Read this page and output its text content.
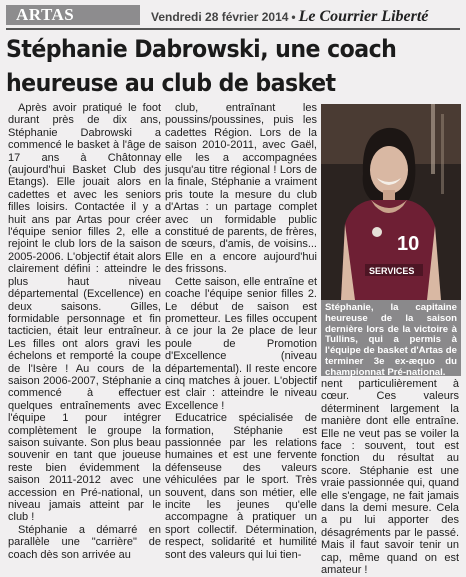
ARTAS	Vendredi 28 février 2014 • Le Courrier Liberté
Stéphanie Dabrowski, une coach heureuse au club de basket

Après avoir pratiqué le foot durant près de dix ans, Stéphanie Dabrowski a commencé le basket à l'âge de 17 ans à Châtonnay (aujourd'hui Basket Club des Etangs). Elle jouait alors en cadettes et avec les seniors filles loisirs. Contactée il y a huit ans par Artas pour créer l'équipe senior filles 2, elle a rejoint le club lors de la saison 2005-2006. L'objectif était alors clairement défini : atteindre le plus haut niveau départemental (Excellence) en deux saisons. Gilles, formidable personnage et fin tacticien, était leur entraîneur. Les filles ont alors gravi les échelons et remporté la coupe de l'Isère ! Au cours de la saison 2006-2007, Stéphanie a commencé à effectuer quelques entraînements avec l'équipe 1 pour intégrer complètement le groupe la saison suivante. Son plus beau souvenir en tant que joueuse reste bien évidemment la saison 2011-2012 avec une accession en Pré-national, un niveau jamais atteint par le club !

Stéphanie a démarré en parallèle une "carrière" de coach dès son arrivée au

club, entraînant les poussins/poussines, puis les cadettes Région. Lors de la saison 2010-2011, avec Gaël, elle les a accompagnées jusqu'au titre régional ! Lors de la finale, Stéphanie a vraiment pris toute la mesure du club d'Artas : un partage complet avec un formidable public constitué de parents, de frères, de sœurs, d'amis, de voisins... Elle en a encore aujourd'hui des frissons.

Cette saison, elle entraîne et coache l'équipe senior filles 2. Le début de saison est prometteur. Les filles occupent à ce jour la 2e place de leur poule de Promotion d'Excellence (niveau départemental). Il reste encore cinq matches à jouer. L'objectif est clair : atteindre le niveau Excellence !

Educatrice spécialisée de formation, Stéphanie est passionnée par les relations humaines et est une fervente défenseuse des valeurs véhiculées par le sport. Très souvent, dans son métier, elle incite les jeunes qu'elle accompagne à pratiquer un sport collectif. Détermination, respect, solidarité et humilité sont des valeurs qui lui tien-

10
SERVICES
Stéphanie, la capitaine heureuse de la saison dernière lors de la victoire à Tullins, qui a permis à l'équipe de basket d'Artas de terminer 3e ex-æquo du championnat Pré-national.

nent particulièrement à cœur. Ces valeurs déterminent largement la manière dont elle entraîne. Elle ne veut pas se voiler la face : souvent, tout est fonction du résultat au score. Stéphanie est une vraie passionnée qui, quand elle s'engage, ne fait jamais dans la demi mesure. Cela a pu lui apporter des désagréments par le passé. Mais il faut savoir tenir un cap, même quand on est amateur !
